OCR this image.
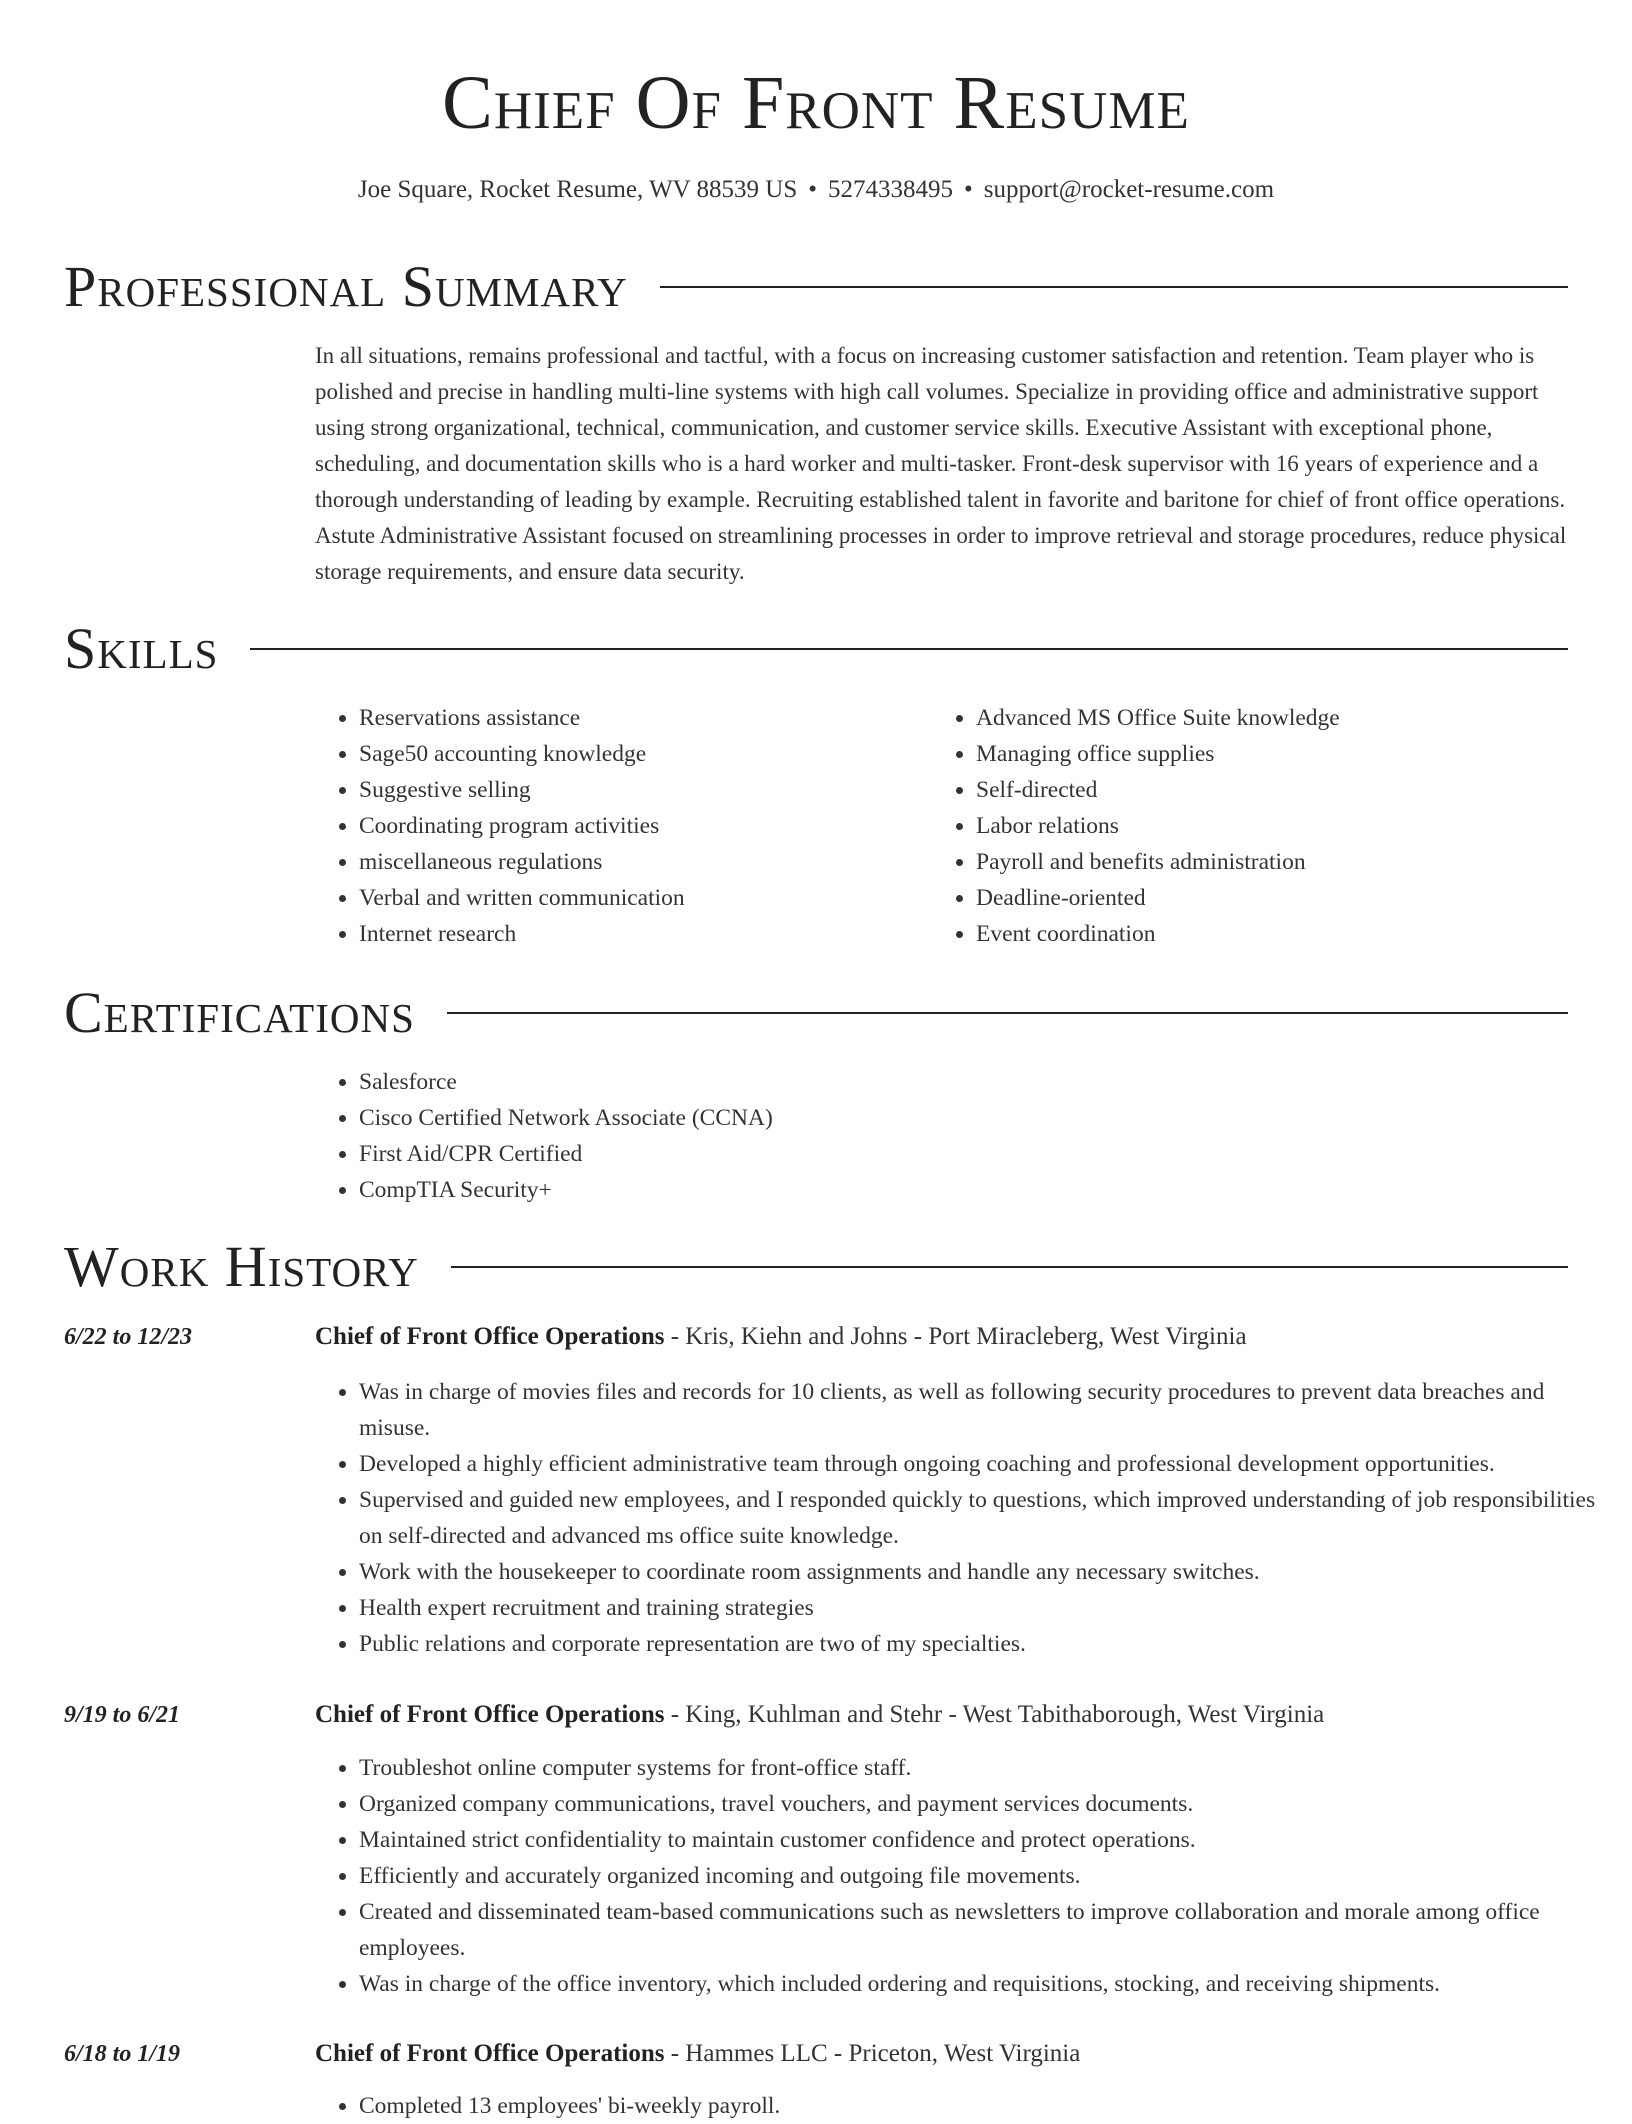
Chief Of Front Resume
Joe Square, Rocket Resume, WV 88539 US • 5274338495 • support@rocket-resume.com
Professional Summary

In all situations, remains professional and tactful, with a focus on increasing customer satisfaction and retention. Team player who is polished and precise in handling multi-line systems with high call volumes. Specialize in providing office and administrative support using strong organizational, technical, communication, and customer service skills. Executive Assistant with exceptional phone, scheduling, and documentation skills who is a hard worker and multi-tasker. Front-desk supervisor with 16 years of experience and a thorough understanding of leading by example. Recruiting established talent in favorite and baritone for chief of front office operations. Astute Administrative Assistant focused on streamlining processes in order to improve retrieval and storage procedures, reduce physical storage requirements, and ensure data security.

Skills
• Reservations assistance
• Sage50 accounting knowledge
• Suggestive selling
• Coordinating program activities
• miscellaneous regulations
• Verbal and written communication
• Internet research
• Advanced MS Office Suite knowledge
• Managing office supplies
• Self-directed
• Labor relations
• Payroll and benefits administration
• Deadline-oriented
• Event coordination
Certifications
• Salesforce
• Cisco Certified Network Associate (CCNA)
• First Aid/CPR Certified
• CompTIA Security+
Work History
6/22 to 12/23	Chief of Front Office Operations - Kris, Kiehn and Johns - Port Miracleberg, West Virginia
• Was in charge of movies files and records for 10 clients, as well as following security procedures to prevent data breaches and misuse.
• Developed a highly efficient administrative team through ongoing coaching and professional development opportunities.
• Supervised and guided new employees, and I responded quickly to questions, which improved understanding of job responsibilities on self-directed and advanced ms office suite knowledge.
• Work with the housekeeper to coordinate room assignments and handle any necessary switches.
• Health expert recruitment and training strategies
• Public relations and corporate representation are two of my specialties.
9/19 to 6/21	Chief of Front Office Operations - King, Kuhlman and Stehr - West Tabithaborough, West Virginia
• Troubleshot online computer systems for front-office staff.
• Organized company communications, travel vouchers, and payment services documents.
• Maintained strict confidentiality to maintain customer confidence and protect operations.
• Efficiently and accurately organized incoming and outgoing file movements.
• Created and disseminated team-based communications such as newsletters to improve collaboration and morale among office employees.
• Was in charge of the office inventory, which included ordering and requisitions, stocking, and receiving shipments.
6/18 to 1/19	Chief of Front Office Operations - Hammes LLC - Priceton, West Virginia
• Completed 13 employees' bi-weekly payroll.
